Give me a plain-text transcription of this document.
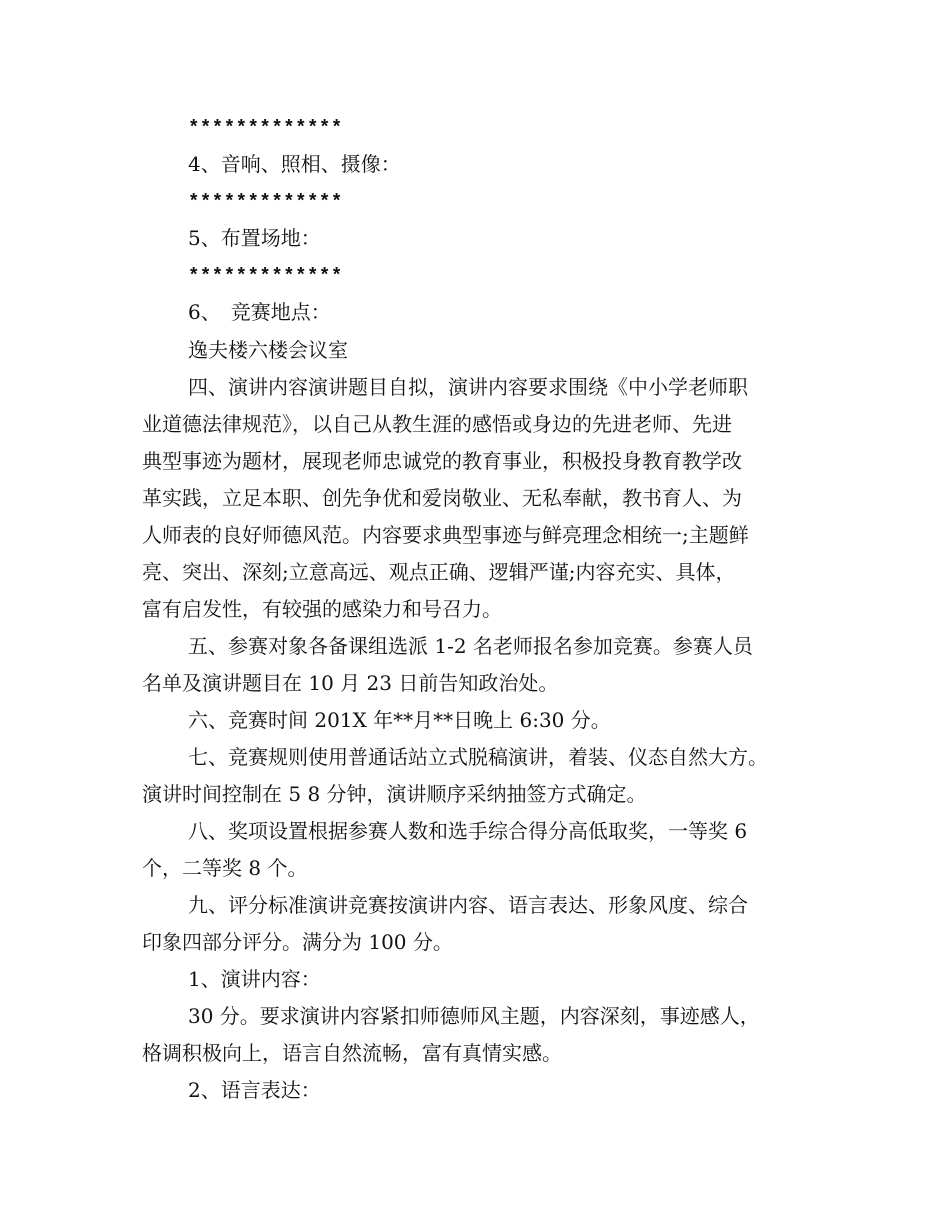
*************
4、音响、照相、摄像：
*************
5、布置场地：
*************
6、　竞赛地点：
逸夫楼六楼会议室
四、演讲内容演讲题目自拟，演讲内容要求围绕《中小学老师职
业道德法律规范》，以自己从教生涯的感悟或身边的先进老师、先进
典型事迹为题材，展现老师忠诚党的教育事业，积极投身教育教学改
革实践，立足本职、创先争优和爱岗敬业、无私奉献，教书育人、为
人师表的良好师德风范。内容要求典型事迹与鲜亮理念相统一;主题鲜
亮、突出、深刻;立意高远、观点正确、逻辑严谨;内容充实、具体，
富有启发性，有较强的感染力和号召力。
五、参赛对象各备课组选派 1-2 名老师报名参加竞赛。参赛人员
名单及演讲题目在 10 月 23 日前告知政治处。
六、竞赛时间 201X 年**月**日晚上 6:30 分。
七、竞赛规则使用普通话站立式脱稿演讲，着装、仪态自然大方。
演讲时间控制在 5 8 分钟，演讲顺序采纳抽签方式确定。
八、奖项设置根据参赛人数和选手综合得分高低取奖，一等奖 6
个，二等奖 8 个。
九、评分标准演讲竞赛按演讲内容、语言表达、形象风度、综合
印象四部分评分。满分为 100 分。
1、演讲内容：
30 分。要求演讲内容紧扣师德师风主题，内容深刻，事迹感人，
格调积极向上，语言自然流畅，富有真情实感。
2、语言表达：
